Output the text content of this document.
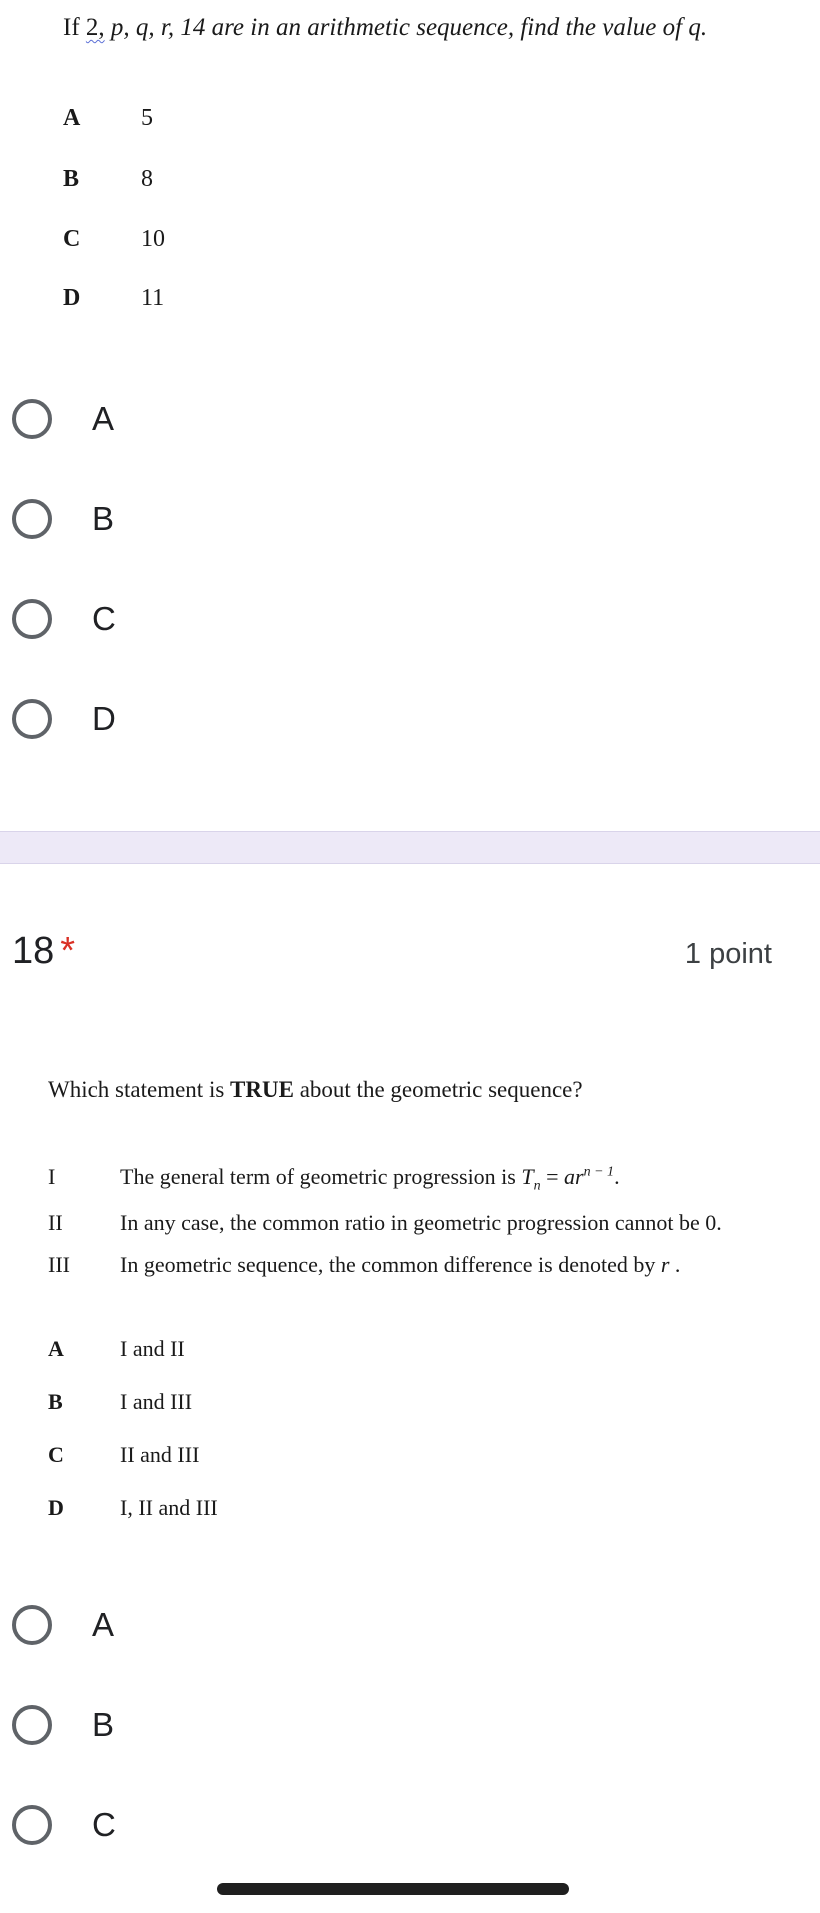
If 2, p, q, r, 14 are in an arithmetic sequence, find the value of q.
A	5
B	8
C	10
D	11
A
B
C
D
18 *	1 point
Which statement is TRUE about the geometric sequence?
I	The general term of geometric progression is $T_n = ar^{n - 1}$.
II	In any case, the common ratio in geometric progression cannot be 0.
III In geometric sequence, the common difference is denoted by r .
A	I and II
B	I and III
C	II and III
D	I, II and III
A
B
C
